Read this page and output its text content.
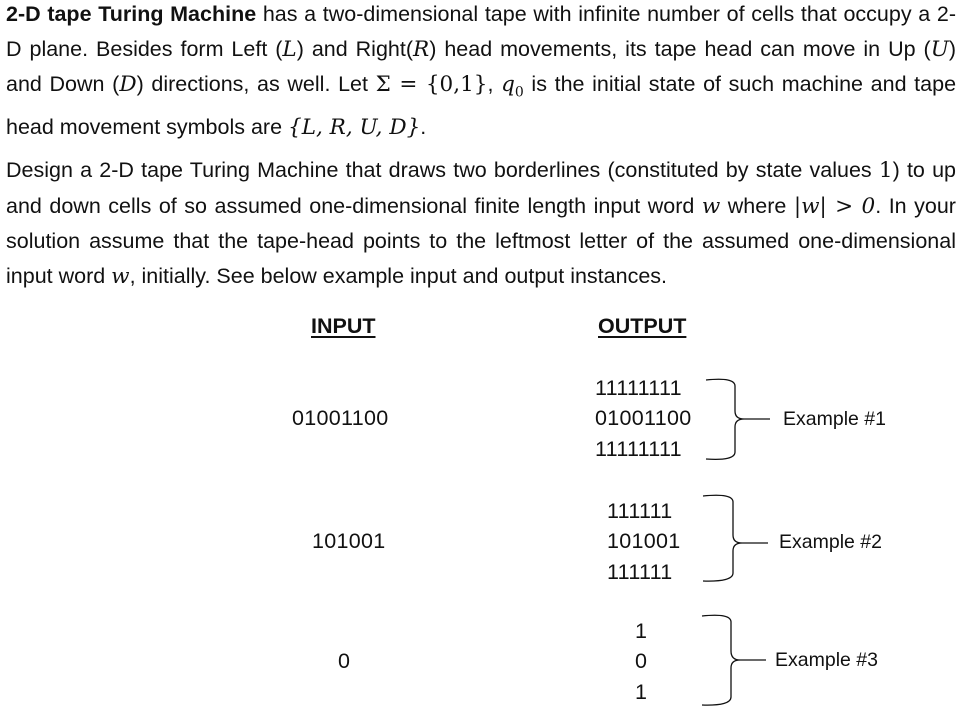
2-D tape Turing Machine has a two-dimensional tape with infinite number of cells that occupy a 2-D plane. Besides form Left (L) and Right(R) head movements, its tape head can move in Up (U) and Down (D) directions, as well. Let Σ = {0,1}, $q_0$ is the initial state of such machine and tape head movement symbols are {L, R, U, D}.

Design a 2-D tape Turing Machine that draws two borderlines (constituted by state values 1) to up and down cells of so assumed one-dimensional finite length input word w where |w| > 0. In your solution assume that the tape-head points to the leftmost letter of the assumed one-dimensional input word w, initially. See below example input and output instances.

INPUT	OUTPUT
01001100
11111111
01001100
11111111
Example #1
101001
111111
101001
111111
Example #2
0
1
0
1
Example #3
